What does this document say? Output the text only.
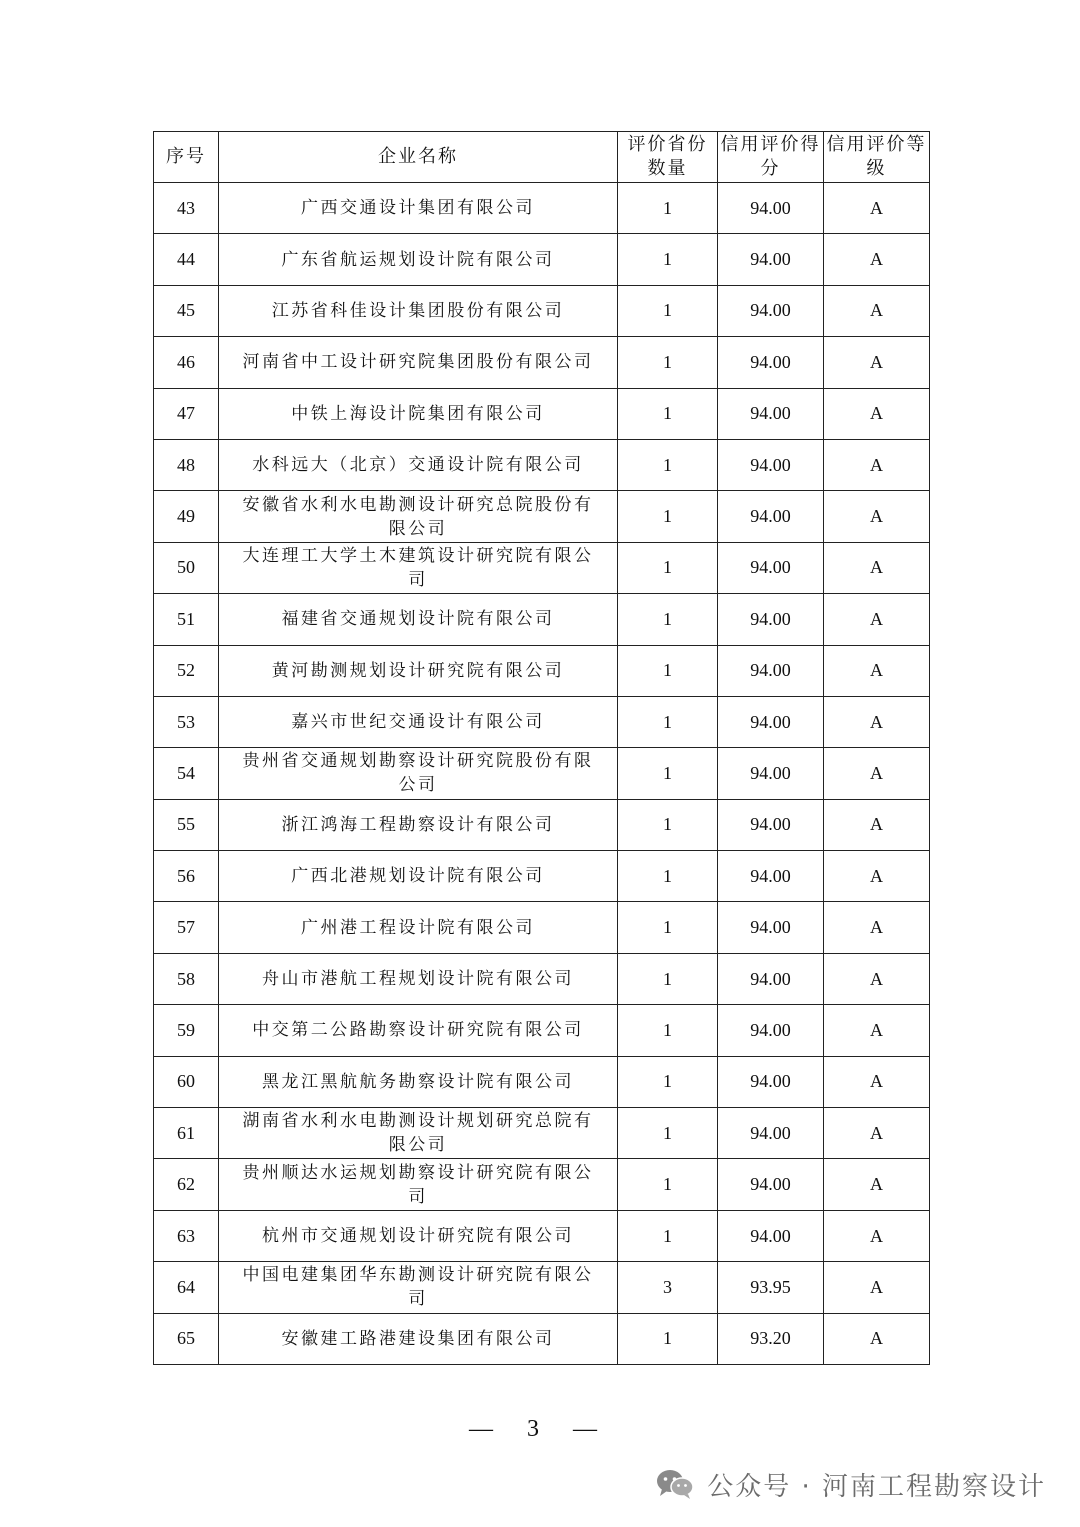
序号	企业名称	评价省份数量	信用评价得分	信用评价等级
43	广西交通设计集团有限公司	1	94.00	A
44	广东省航运规划设计院有限公司	1	94.00	A
45	江苏省科佳设计集团股份有限公司	1	94.00	A
46	河南省中工设计研究院集团股份有限公司	1	94.00	A
47	中铁上海设计院集团有限公司	1	94.00	A
48	水科远大（北京）交通设计院有限公司	1	94.00	A
49	安徽省水利水电勘测设计研究总院股份有限公司	1	94.00	A
50	大连理工大学土木建筑设计研究院有限公司	1	94.00	A
51	福建省交通规划设计院有限公司	1	94.00	A
52	黄河勘测规划设计研究院有限公司	1	94.00	A
53	嘉兴市世纪交通设计有限公司	1	94.00	A
54	贵州省交通规划勘察设计研究院股份有限公司	1	94.00	A
55	浙江鸿海工程勘察设计有限公司	1	94.00	A
56	广西北港规划设计院有限公司	1	94.00	A
57	广州港工程设计院有限公司	1	94.00	A
58	舟山市港航工程规划设计院有限公司	1	94.00	A
59	中交第二公路勘察设计研究院有限公司	1	94.00	A
60	黑龙江黑航航务勘察设计院有限公司	1	94.00	A
61	湖南省水利水电勘测设计规划研究总院有限公司	1	94.00	A
62	贵州顺达水运规划勘察设计研究院有限公司	1	94.00	A
63	杭州市交通规划设计研究院有限公司	1	94.00	A
64	中国电建集团华东勘测设计研究院有限公司	3	93.95	A
65	安徽建工路港建设集团有限公司	1	93.20	A
— 3 —
公众号 · 河南工程勘察设计
